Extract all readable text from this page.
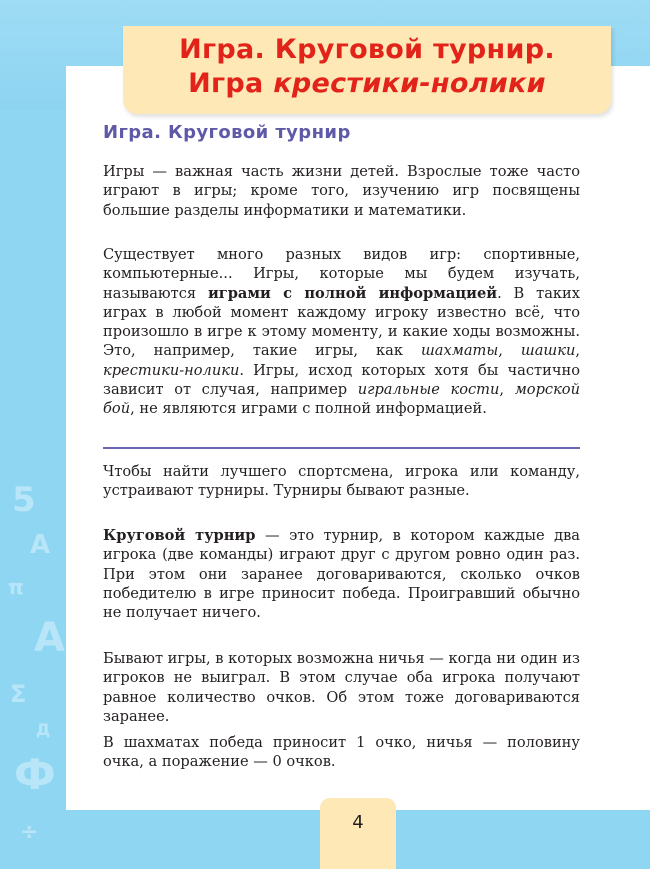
5
A
π
A
Σ
Д
Ф
÷
Игра. Круговой турнир.
Игра крестики-нолики
Игра. Круговой турнир
Игры — важная часть жизни детей. Взрослые тоже часто играют в игры; кроме того, изучению игр посвящены большие разделы информатики и математики.
Существует много разных видов игр: спортивные, компьютерные... Игры, которые мы будем изучать, называются играми с полной информацией. В таких играх в любой момент каждому игроку известно всё, что произошло в игре к этому моменту, и какие ходы возможны. Это, например, такие игры, как шахматы, шашки, крестики-нолики. Игры, исход которых хотя бы частично зависит от случая, например игральные кости, морской бой, не являются играми с полной информацией.
Чтобы найти лучшего спортсмена, игрока или команду, устраивают турниры. Турниры бывают разные.
Круговой турнир — это турнир, в котором каждые два игрока (две команды) играют друг с другом ровно один раз. При этом они заранее договариваются, сколько очков победителю в игре приносит победа. Проигравший обычно не получает ничего.
Бывают игры, в которых возможна ничья — когда ни один из игроков не выиграл. В этом случае оба игрока получают равное количество очков. Об этом тоже договариваются заранее.
В шахматах победа приносит 1 очко, ничья — половину очка, а поражение — 0 очков.
4
